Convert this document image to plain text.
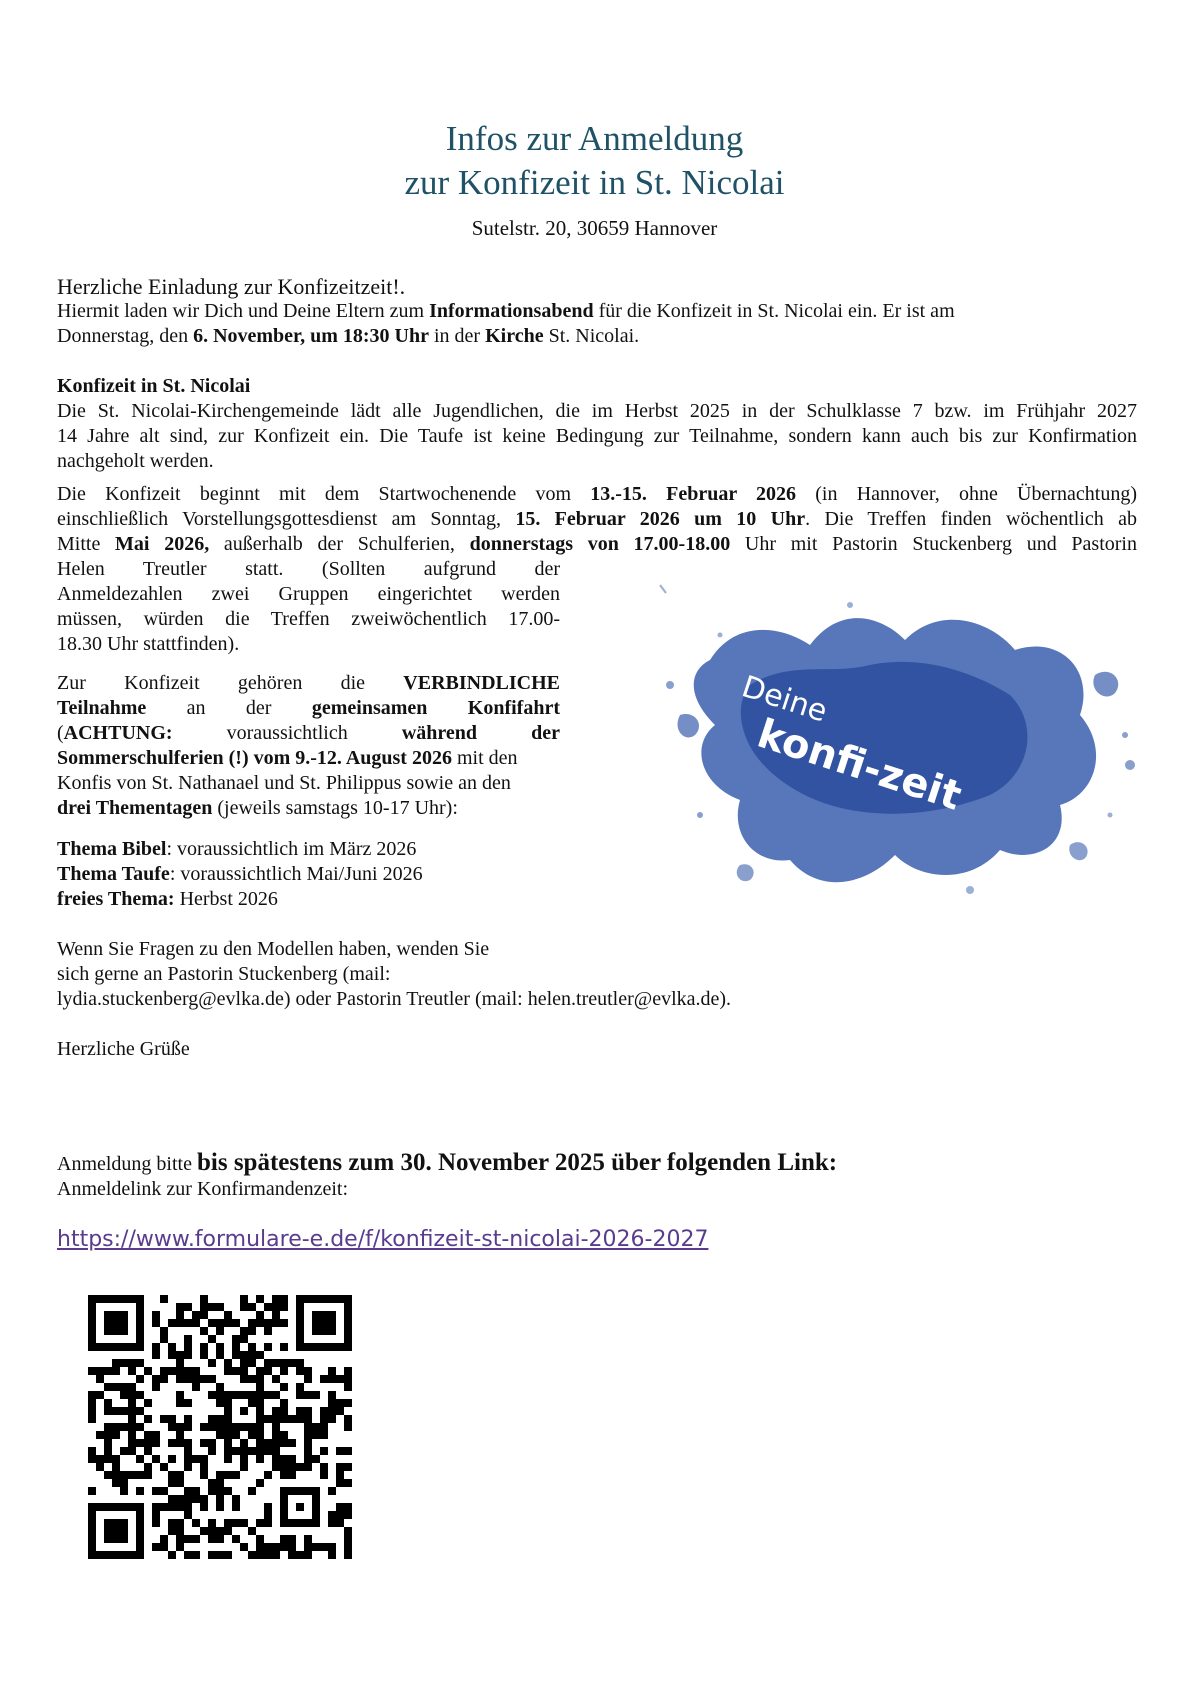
Infos zur Anmeldung
zur Konfizeit in St. Nicolai
Sutelstr. 20, 30659 Hannover
Herzliche Einladung zur Konfizeitzeit!.
Hiermit laden wir Dich und Deine Eltern zum Informationsabend für die Konfizeit in St. Nicolai ein. Er ist am
Donnerstag, den 6. November, um 18:30 Uhr in der Kirche St. Nicolai.
Konfizeit in St. Nicolai
Die St. Nicolai-Kirchengemeinde lädt alle Jugendlichen, die im Herbst 2025 in der Schulklasse 7 bzw. im Frühjahr 2027
14 Jahre alt sind, zur Konfizeit ein. Die Taufe ist keine Bedingung zur Teilnahme, sondern kann auch bis zur Konfirmation
nachgeholt werden.
Die Konfizeit beginnt mit dem Startwochenende vom 13.-15. Februar 2026 (in Hannover, ohne Übernachtung)
einschließlich Vorstellungsgottesdienst am Sonntag, 15. Februar 2026 um 10 Uhr. Die Treffen finden wöchentlich ab
Mitte Mai 2026, außerhalb der Schulferien, donnerstags von 17.00-18.00 Uhr mit Pastorin Stuckenberg und Pastorin
Helen Treutler statt. (Sollten aufgrund der
Anmeldezahlen zwei Gruppen eingerichtet werden
müssen, würden die Treffen zweiwöchentlich 17.00-
18.30 Uhr stattfinden).
Zur Konfizeit gehören die VERBINDLICHE
Teilnahme an der gemeinsamen Konfifahrt
(ACHTUNG: voraussichtlich während der
Sommerschulferien (!) vom 9.-12. August 2026 mit den
Konfis von St. Nathanael und St. Philippus sowie an den
drei Thementagen (jeweils samstags 10-17 Uhr):
Thema Bibel: voraussichtlich im März 2026
Thema Taufe: voraussichtlich Mai/Juni 2026
freies Thema: Herbst 2026
Wenn Sie Fragen zu den Modellen haben, wenden Sie
sich gerne an Pastorin Stuckenberg (mail:
lydia.stuckenberg@evlka.de) oder Pastorin Treutler (mail: helen.treutler@evlka.de).
Herzliche Grüße
Anmeldung bitte bis spätestens zum 30. November 2025 über folgenden Link:
Anmeldelink zur Konfirmandenzeit:
https://www.formulare-e.de/f/konfizeit-st-nicolai-2026-2027
Deine
konfi-zeit
